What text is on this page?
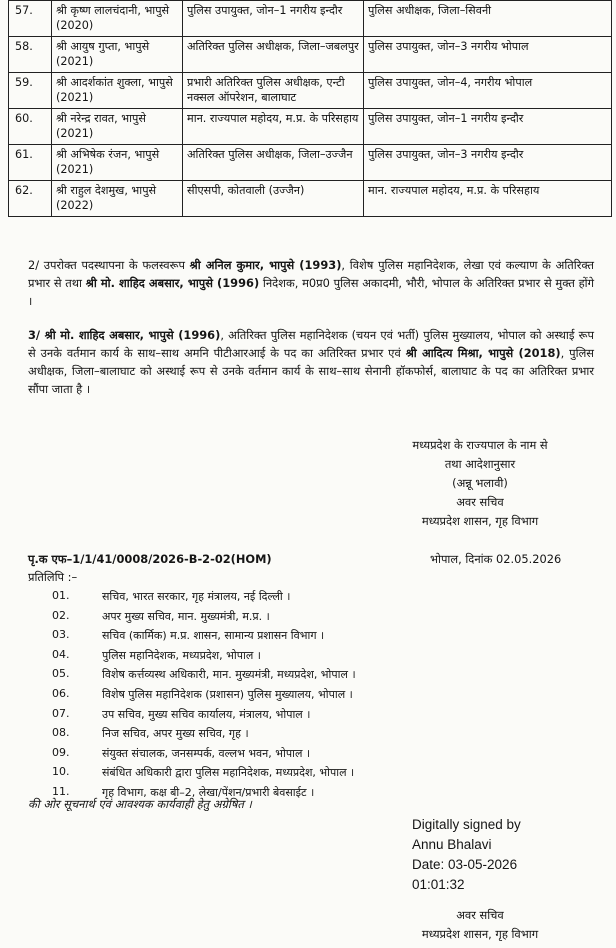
57.	श्री कृष्ण लालचंदानी, भापुसे (2020)	पुलिस उपायुक्त, जोन–1 नगरीय इन्दौर	पुलिस अधीक्षक, जिला–सिवनी
58.	श्री आयुष गुप्ता, भापुसे (2021)	अतिरिक्त पुलिस अधीक्षक, जिला–जबलपुर	पुलिस उपायुक्त, जोन–3 नगरीय भोपाल
59.	श्री आदर्शकांत शुक्ला, भापुसे (2021)	प्रभारी अतिरिक्त पुलिस अधीक्षक, एन्टी नक्सल ऑपरेशन, बालाघाट	पुलिस उपायुक्त, जोन–4, नगरीय भोपाल
60.	श्री नरेन्द्र रावत, भापुसे (2021)	मान. राज्यपाल महोदय, म.प्र. के परिसहाय	पुलिस उपायुक्त, जोन–1 नगरीय इन्दौर
61.	श्री अभिषेक रंजन, भापुसे (2021)	अतिरिक्त पुलिस अधीक्षक, जिला–उज्जैन	पुलिस उपायुक्त, जोन–3 नगरीय इन्दौर
62.	श्री राहुल देशमुख, भापुसे (2022)	सीएसपी, कोतवाली (उज्जैन)	मान. राज्यपाल महोदय, म.प्र. के परिसहाय
2/ उपरोक्त पदस्थापना के फलस्वरूप श्री अनिल कुमार, भापुसे (1993), विशेष पुलिस महानिदेशक, लेखा एवं कल्याण के अतिरिक्त प्रभार से तथा श्री मो. शाहिद अबसार, भापुसे (1996) निदेशक, म0प्र0 पुलिस अकादमी, भौरी, भोपाल के अतिरिक्त प्रभार से मुक्त होंगे ।
3/ श्री मो. शाहिद अबसार, भापुसे (1996), अतिरिक्त पुलिस महानिदेशक (चयन एवं भर्ती) पुलिस मुख्यालय, भोपाल को अस्थाई रूप से उनके वर्तमान कार्य के साथ–साथ अमनि पीटीआरआई के पद का अतिरिक्त प्रभार एवं श्री आदित्य मिश्रा, भापुसे (2018), पुलिस अधीक्षक, जिला–बालाघाट को अस्थाई रूप से उनके वर्तमान कार्य के साथ–साथ सेनानी हॉकफोर्स, बालाघाट के पद का अतिरिक्त प्रभार सौंपा जाता है ।
मध्यप्रदेश के राज्यपाल के नाम से
तथा आदेशानुसार
(अन्नू भलावी)
अवर सचिव
मध्यप्रदेश शासन, गृह विभाग
पृ.क एफ–1/1/41/0008/2026-B-2-02(HOM)	भोपाल, दिनांक 02.05.2026
प्रतिलिपि :–
01.	सचिव, भारत सरकार, गृह मंत्रालय, नई दिल्ली ।
02.	अपर मुख्य सचिव, मान. मुख्यमंत्री, म.प्र. ।
03.	सचिव (कार्मिक) म.प्र. शासन, सामान्य प्रशासन विभाग ।
04.	पुलिस महानिदेशक, मध्यप्रदेश, भोपाल ।
05.	विशेष कर्त्तव्यस्थ अधिकारी, मान. मुख्यमंत्री, मध्यप्रदेश, भोपाल ।
06.	विशेष पुलिस महानिदेशक (प्रशासन) पुलिस मुख्यालय, भोपाल ।
07.	उप सचिव, मुख्य सचिव कार्यालय, मंत्रालय, भोपाल ।
08.	निज सचिव, अपर मुख्य सचिव, गृह ।
09.	संयुक्त संचालक, जनसम्पर्क, वल्लभ भवन, भोपाल ।
10.	संबंधित अधिकारी द्वारा पुलिस महानिदेशक, मध्यप्रदेश, भोपाल ।
11.	गृह विभाग, कक्ष बी–2, लेखा/पेंशन/प्रभारी बेवसाईट ।
की ओर सूचनार्थ एवं आवश्यक कार्यवाही हेतु अग्रेषित ।
Digitally signed by
Annu Bhalavi
Date: 03-05-2026
01:01:32
अवर सचिव
मध्यप्रदेश शासन, गृह विभाग
